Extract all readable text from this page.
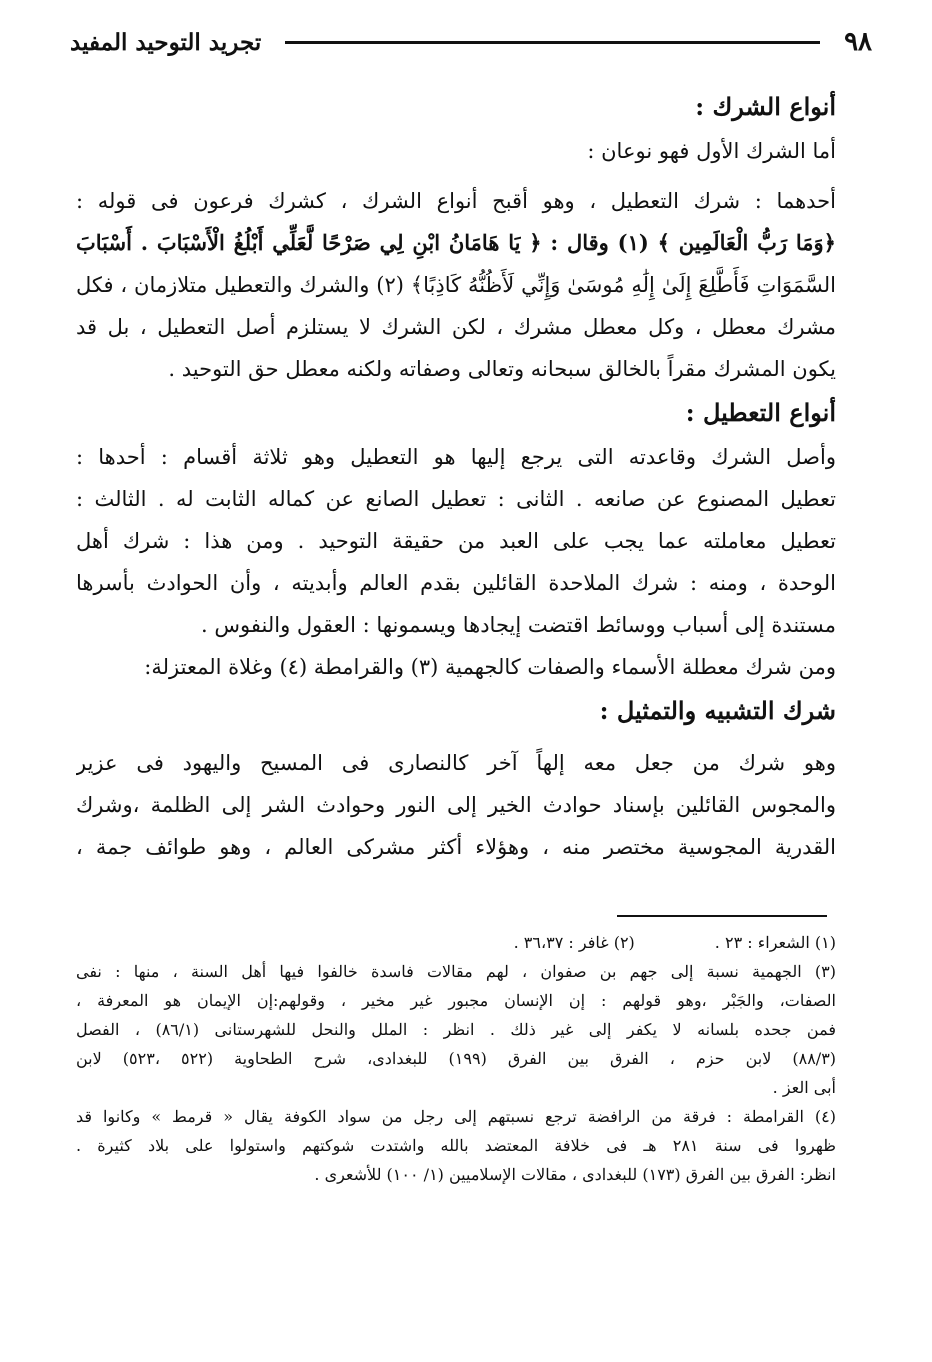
٩٨
تجريد التوحيد المفيد
أنواع الشرك :
أما الشرك الأول فهو نوعان :
أحدهما : شرك التعطيل ، وهو أقبح أنواع الشرك ، كشرك فرعون فى قوله :
﴿وَمَا رَبُّ الْعَالَمِين ﴾ (١) وقال : ﴿ يَا هَامَانُ ابْنِ لِي صَرْحًا لَّعَلِّي أَبْلُغُ الْأَسْبَابَ . أَسْبَابَ
السَّمَوَاتِ فَأَطَّلِعَ إِلَىٰ إِلَٰهِ مُوسَىٰ وَإِنِّي لَأَظُنُّهُ كَاذِبًا﴾ (٢) والشرك والتعطيل متلازمان ، فكل
مشرك معطل ، وكل معطل مشرك ، لكن الشرك لا يستلزم أصل التعطيل ، بل قد
يكون المشرك مقراً بالخالق سبحانه وتعالى وصفاته ولكنه معطل حق التوحيد .
أنواع التعطيل :
وأصل الشرك وقاعدته التى يرجع إليها هو التعطيل وهو ثلاثة أقسام : أحدها :
تعطيل المصنوع عن صانعه . الثانى : تعطيل الصانع عن كماله الثابت له . الثالث :
تعطيل معاملته عما يجب على العبد من حقيقة التوحيد . ومن هذا : شرك أهل
الوحدة ، ومنه : شرك الملاحدة القائلين بقدم العالم وأبديته ، وأن الحوادث بأسرها
مستندة إلى أسباب ووسائط اقتضت إيجادها ويسمونها : العقول والنفوس .
ومن شرك معطلة الأسماء والصفات كالجهمية (٣) والقرامطة (٤) وغلاة المعتزلة:
شرك التشبيه والتمثيل :
وهو شرك من جعل معه إلهاً آخر كالنصارى فى المسيح واليهود فى عزير
والمجوس القائلين بإسناد حوادث الخير إلى النور وحوادث الشر إلى الظلمة ،وشرك
القدرية المجوسية مختصر منه ، وهؤلاء أكثر مشركى العالم ، وهو طوائف جمة ،
(١) الشعراء : ٢٣ .
(٢) غافر : ٣٦،٣٧ .
(٣) الجهمية نسبة إلى جهم بن صفوان ، لهم مقالات فاسدة خالفوا فيها أهل السنة ، منها : نفى
الصفات، والجَبْر ،وهو قولهم : إن الإنسان مجبور غير مخير ، وقولهم:إن الإيمان هو المعرفة ،
فمن جحده بلسانه لا يكفر إلى غير ذلك . انظر : الملل والنحل للشهرستانى (٨٦/١) ، الفصل
(٨٨/٣) لابن حزم ، الفرق بين الفرق (١٩٩) للبغدادى، شرح الطحاوية (٥٢٢ ،٥٢٣) لابن
أبى العز .
(٤) القرامطة : فرقة من الرافضة ترجع نسبتهم إلى رجل من سواد الكوفة يقال « قرمط » وكانوا قد
ظهروا فى سنة ٢٨١ هـ فى خلافة المعتضد بالله واشتدت شوكتهم واستولوا على بلاد كثيرة .
انظر: الفرق بين الفرق (١٧٣) للبغدادى ، مقالات الإسلاميين (١/ ١٠٠) للأشعرى .
